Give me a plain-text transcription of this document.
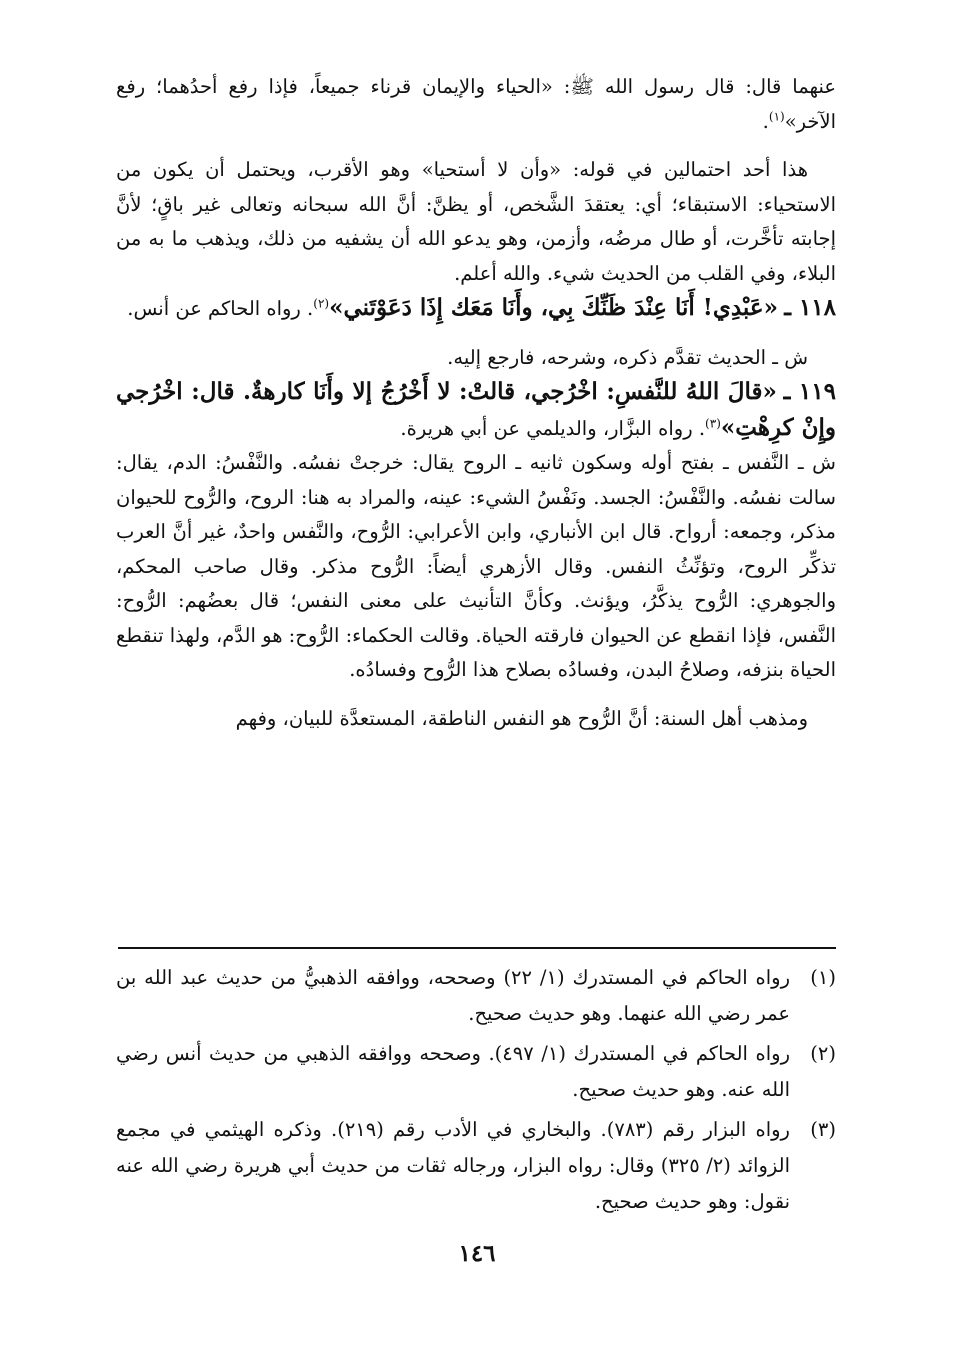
عنهما قال: قال رسول الله ﷺ: «الحياء والإيمان قرناء جميعاً، فإذا رفع أحدُهما؛ رفع الآخر»$^{(١)}$.

هذا أحد احتمالين في قوله: «وأن لا أستحيا» وهو الأقرب، ويحتمل أن يكون من الاستحياء: الاستبقاء؛ أي: يعتقدَ الشَّخص، أو يظنَّ: أنَّ الله سبحانه وتعالى غير باقٍ؛ لأنَّ إجابته تأخَّرت، أو طال مرضُه، وأزمن، وهو يدعو الله أن يشفيه من ذلك، ويذهب ما به من البلاء، وفي القلب من الحديث شيء. والله أعلم.

١١٨ ـ «عَبْدِي! أَنَا عِنْدَ ظَنِّكَ بِي، وأَنَا مَعَك إِذَا دَعَوْتَني»$^{(٢)}$. رواه الحاكم عن أنس.

ش ـ الحديث تقدَّم ذكره، وشرحه، فارجع إليه.

١١٩ ـ «قالَ اللهُ للنَّفسِ: اخْرُجي، قالتْ: لا أَخْرُجُ إلا وأَنَا كارهةٌ. قال: اخْرُجي وإِنْ كرِهْتِ»$^{(٣)}$. رواه البزَّار، والديلمي عن أبي هريرة.

ش ـ النَّفس ـ بفتح أوله وسكون ثانيه ـ الروح يقال: خرجتْ نفسُه. والنَّفْسُ: الدم، يقال: سالت نفسُه. والنَّفْسُ: الجسد. ونَفْسُ الشيء: عينه، والمراد به هنا: الروح، والرُّوح للحيوان مذكر، وجمعه: أرواح. قال ابن الأنباري، وابن الأعرابي: الرُّوح، والنَّفس واحدٌ، غير أنَّ العرب تذكِّر الروح، وتؤنِّثُ النفس. وقال الأزهري أيضاً: الرُّوح مذكر. وقال صاحب المحكم، والجوهري: الرُّوح يذكَّرُ، ويؤنث. وكأنَّ التأنيث على معنى النفس؛ قال بعضُهم: الرُّوح: النَّفس، فإذا انقطع عن الحيوان فارقته الحياة. وقالت الحكماء: الرُّوح: هو الدَّم، ولهذا تنقطع الحياة بنزفه، وصلاحُ البدن، وفسادُه بصلاح هذا الرُّوح وفسادُه.

ومذهب أهل السنة: أنَّ الرُّوح هو النفس الناطقة، المستعدَّة للبيان، وفهم

(١)
رواه الحاكم في المستدرك (١/ ٢٢) وصححه، ووافقه الذهبيُّ من حديث عبد الله بن عمر رضي الله عنهما. وهو حديث صحيح.
(٢)
رواه الحاكم في المستدرك (١/ ٤٩٧). وصححه ووافقه الذهبي من حديث أنس رضي الله عنه. وهو حديث صحيح.
(٣)
رواه البزار رقم (٧٨٣). والبخاري في الأدب رقم (٢١٩). وذكره الهيثمي في مجمع الزوائد (٢/ ٣٢٥) وقال: رواه البزار، ورجاله ثقات من حديث أبي هريرة رضي الله عنه نقول: وهو حديث صحيح.
١٤٦
